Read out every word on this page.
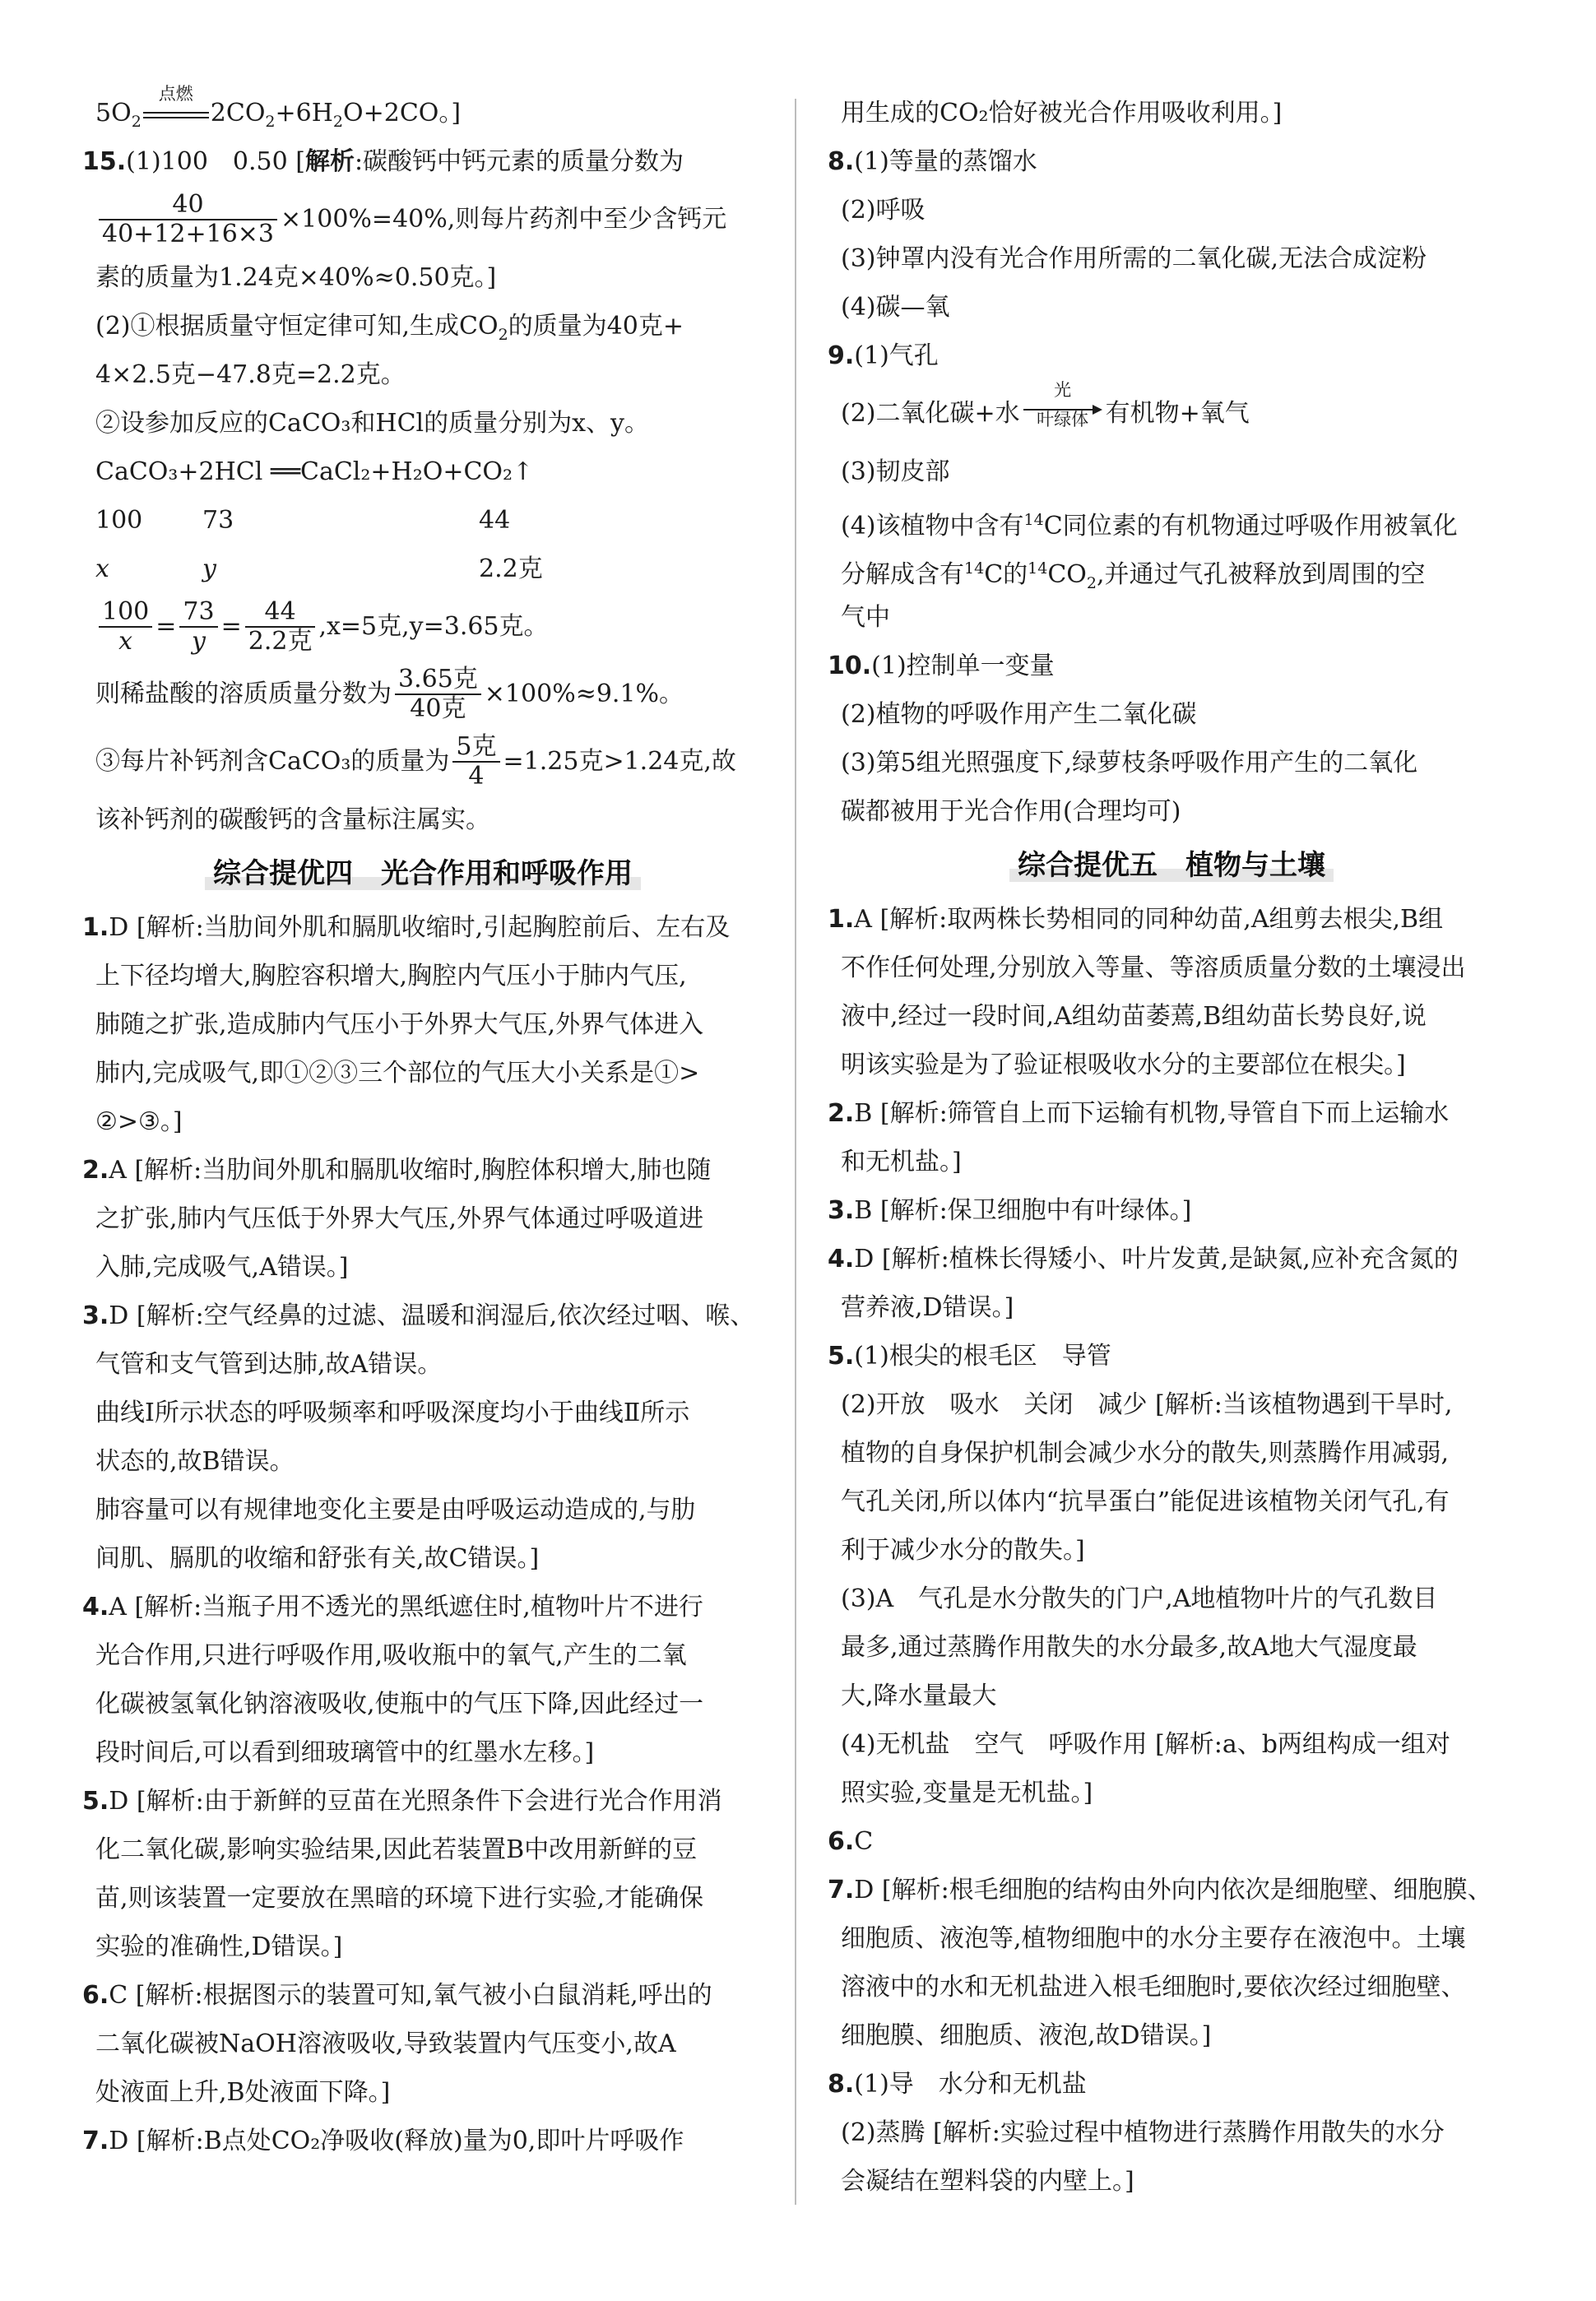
$5O_2$
点燃
$2CO_2+6H_2O+2CO$。]
15.(1)100　0.50 [解析:碳酸钙中钙元素的质量分数为
$\frac{40}{40+12+16\times 3} \times 100\%=40\%$,则每片药剂中至少含钙元
素的质量为1.24克×40%≈0.50克。]
(2)①根据质量守恒定律可知,生成$CO_2$的质量为40克+
4×2.5克−47.8克=2.2克。
②设参加反应的CaCO₃和HCl的质量分别为x、y。
CaCO₃+2HCl ══CaCl₂+H₂O+CO₂↑
100 73	44
x	y	2.2克
$\frac{100}{x} = \frac{73}{y} = \frac{44}{\text{2.2克}} ,x=5$克,y=3.65克。
则稀盐酸的溶质质量分数为 $\frac{\text{3.65克}}{\text{40克}} \times 100\%\approx 9.1\%$。
③每片补钙剂含CaCO₃的质量为 $\frac{\text{5克}}{4} =1.25$克>1.24克,故
该补钙剂的碳酸钙的含量标注属实。
综合提优四　光合作用和呼吸作用
1.D [解析:当肋间外肌和膈肌收缩时,引起胸腔前后、左右及
上下径均增大,胸腔容积增大,胸腔内气压小于肺内气压,
肺随之扩张,造成肺内气压小于外界大气压,外界气体进入
肺内,完成吸气,即①②③三个部位的气压大小关系是①>
②>③。]
2.A [解析:当肋间外肌和膈肌收缩时,胸腔体积增大,肺也随
之扩张,肺内气压低于外界大气压,外界气体通过呼吸道进
入肺,完成吸气,A错误。]
3.D [解析:空气经鼻的过滤、温暖和润湿后,依次经过咽、喉、
气管和支气管到达肺,故A错误。
曲线Ⅰ所示状态的呼吸频率和呼吸深度均小于曲线Ⅱ所示
状态的,故B错误。
肺容量可以有规律地变化主要是由呼吸运动造成的,与肋
间肌、膈肌的收缩和舒张有关,故C错误。]
4.A [解析:当瓶子用不透光的黑纸遮住时,植物叶片不进行
光合作用,只进行呼吸作用,吸收瓶中的氧气,产生的二氧
化碳被氢氧化钠溶液吸收,使瓶中的气压下降,因此经过一
段时间后,可以看到细玻璃管中的红墨水左移。]
5.D [解析:由于新鲜的豆苗在光照条件下会进行光合作用消
化二氧化碳,影响实验结果,因此若装置B中改用新鲜的豆
苗,则该装置一定要放在黑暗的环境下进行实验,才能确保
实验的准确性,D错误。]
6.C [解析:根据图示的装置可知,氧气被小白鼠消耗,呼出的
二氧化碳被NaOH溶液吸收,导致装置内气压变小,故A
处液面上升,B处液面下降。]
7.D [解析:B点处CO₂净吸收(释放)量为0,即叶片呼吸作
用生成的CO₂恰好被光合作用吸收利用。]
8.(1)等量的蒸馏水
(2)呼吸
(3)钟罩内没有光合作用所需的二氧化碳,无法合成淀粉
(4)碳—氧
9.(1)气孔
(2)二氧化碳+水
光
叶绿体 有机物+氧气
(3)韧皮部
(4)该植物中含有$^{14}$C同位素的有机物通过呼吸作用被氧化
分解成含有$^{14}$C的$^{14}CO_2$,并通过气孔被释放到周围的空
气中
10.(1)控制单一变量
(2)植物的呼吸作用产生二氧化碳
(3)第5组光照强度下,绿萝枝条呼吸作用产生的二氧化
碳都被用于光合作用(合理均可)
综合提优五　植物与土壤
1.A [解析:取两株长势相同的同种幼苗,A组剪去根尖,B组
不作任何处理,分别放入等量、等溶质质量分数的土壤浸出
液中,经过一段时间,A组幼苗萎蔫,B组幼苗长势良好,说
明该实验是为了验证根吸收水分的主要部位在根尖。]
2.B [解析:筛管自上而下运输有机物,导管自下而上运输水
和无机盐。]
3.B [解析:保卫细胞中有叶绿体。]
4.D [解析:植株长得矮小、叶片发黄,是缺氮,应补充含氮的
营养液,D错误。]
5.(1)根尖的根毛区　导管
(2)开放　吸水　关闭　减少 [解析:当该植物遇到干旱时,
植物的自身保护机制会减少水分的散失,则蒸腾作用减弱,
气孔关闭,所以体内“抗旱蛋白”能促进该植物关闭气孔,有
利于减少水分的散失。]
(3)A　气孔是水分散失的门户,A地植物叶片的气孔数目
最多,通过蒸腾作用散失的水分最多,故A地大气湿度最
大,降水量最大
(4)无机盐　空气　呼吸作用 [解析:a、b两组构成一组对
照实验,变量是无机盐。]
6.C
7.D [解析:根毛细胞的结构由外向内依次是细胞壁、细胞膜、
细胞质、液泡等,植物细胞中的水分主要存在液泡中。土壤
溶液中的水和无机盐进入根毛细胞时,要依次经过细胞壁、
细胞膜、细胞质、液泡,故D错误。]
8.(1)导　水分和无机盐
(2)蒸腾 [解析:实验过程中植物进行蒸腾作用散失的水分
会凝结在塑料袋的内壁上。]
